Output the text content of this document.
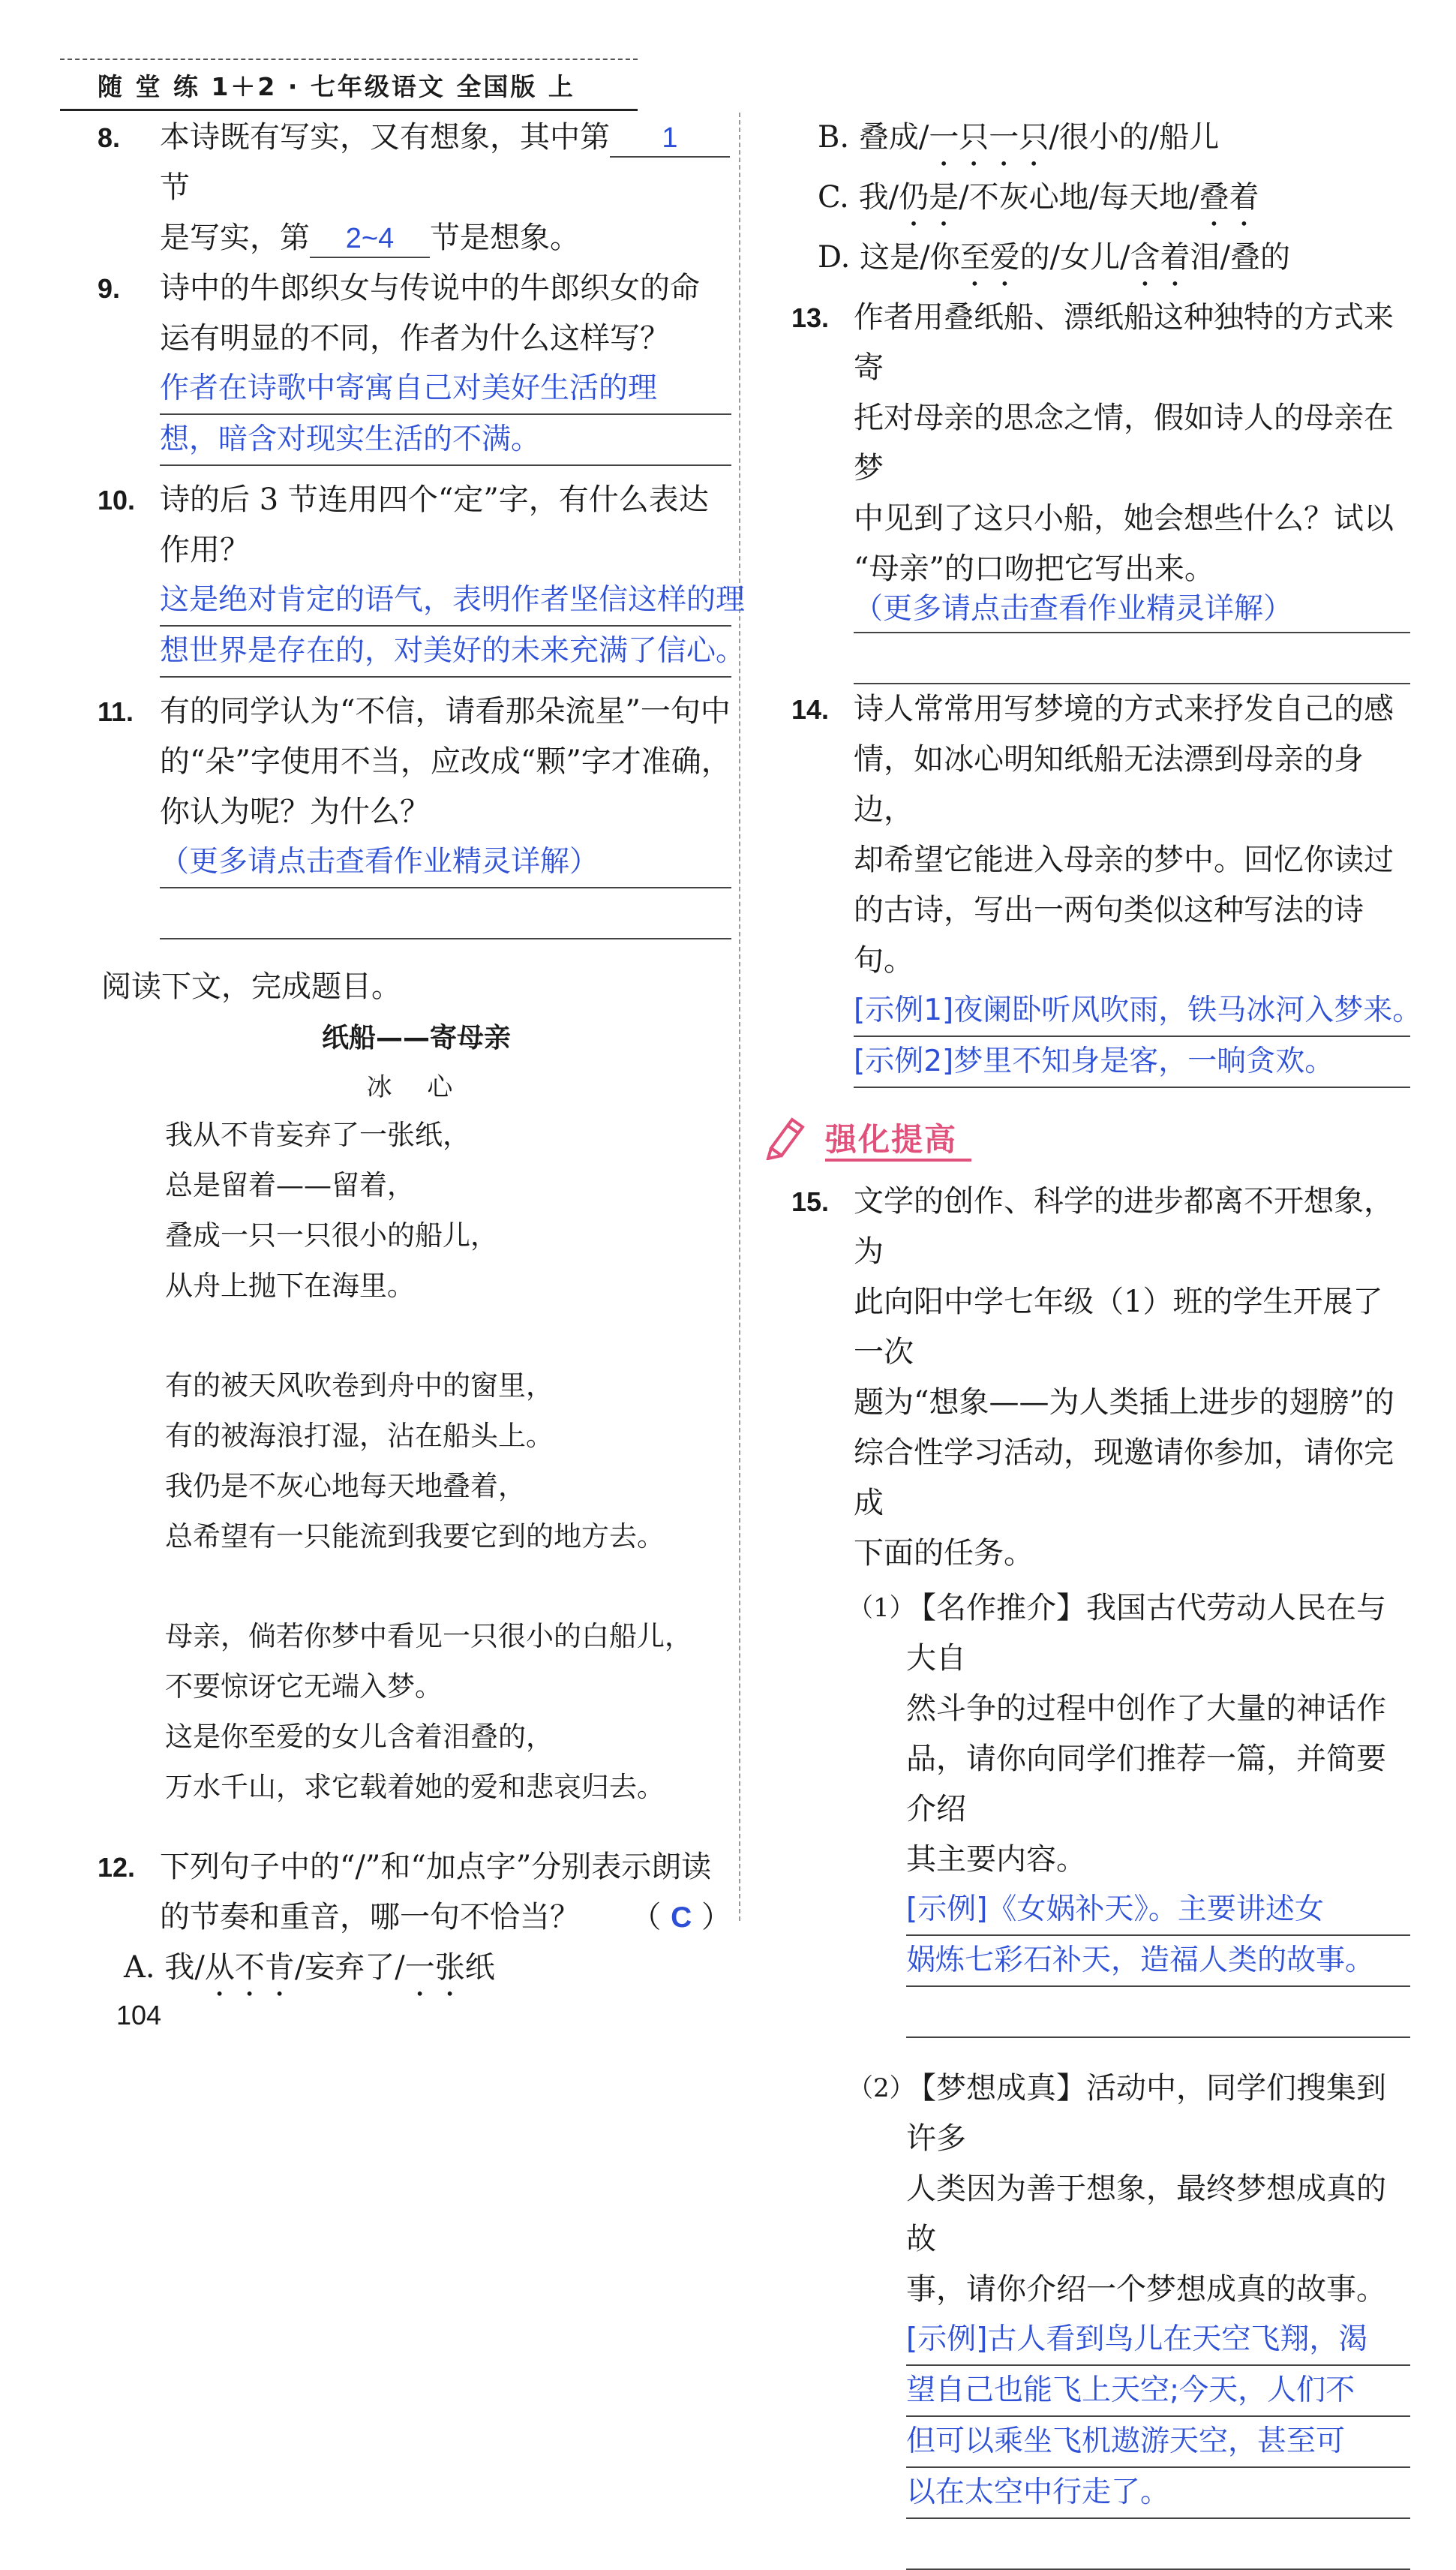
随 堂 练 1＋2 · 七年级语文 全国版 上
8. 本诗既有写实，又有想象，其中第 1节
是写实，第 2~4 节是想象。
9. 诗中的牛郎织女与传说中的牛郎织女的命
运有明显的不同，作者为什么这样写？
作者在诗歌中寄寓自己对美好生活的理
想，暗含对现实生活的不满。
10. 诗的后 3 节连用四个“定”字，有什么表达
作用？
这是绝对肯定的语气，表明作者坚信这样的理
想世界是存在的，对美好的未来充满了信心。
11. 有的同学认为“不信，请看那朵流星”一句中
的“朵”字使用不当，应改成“颗”字才准确，
你认为呢？为什么？
（更多请点击查看作业精灵详解）
阅读下文，完成题目。
纸船——寄母亲
冰 心
我从不肯妄弃了一张纸，
总是留着——留着，
叠成一只一只很小的船儿，
从舟上抛下在海里。
有的被天风吹卷到舟中的窗里，
有的被海浪打湿，沾在船头上。
我仍是不灰心地每天地叠着，
总希望有一只能流到我要它到的地方去。
母亲，倘若你梦中看见一只很小的白船儿，
不要惊讶它无端入梦。
这是你至爱的女儿含着泪叠的，
万水千山，求它载着她的爱和悲哀归去。
12. 下列句子中的“/”和“加点字”分别表示朗读
的节奏和重音，哪一句不恰当？ （ C ）
A. 我/从不肯/妄弃了/一张纸
B. 叠成/一只一只/很小的/船儿
C. 我/仍是/不灰心地/每天地/叠着
D. 这是/你至爱的/女儿/含着泪/叠的
13. 作者用叠纸船、漂纸船这种独特的方式来寄
托对母亲的思念之情，假如诗人的母亲在梦
中见到了这只小船，她会想些什么？试以
“母亲”的口吻把它写出来。
（更多请点击查看作业精灵详解）
14. 诗人常常用写梦境的方式来抒发自己的感
情，如冰心明知纸船无法漂到母亲的身边，
却希望它能进入母亲的梦中。回忆你读过
的古诗，写出一两句类似这种写法的诗句。
[示例1]夜阑卧听风吹雨，铁马冰河入梦来。
[示例2]梦里不知身是客，一晌贪欢。
强化提高
15. 文学的创作、科学的进步都离不开想象，为
此向阳中学七年级（1）班的学生开展了一次
题为“想象——为人类插上进步的翅膀”的
综合性学习活动，现邀请你参加，请你完成
下面的任务。
（1）
【名作推介】我国古代劳动人民在与大自
然斗争的过程中创作了大量的神话作
品，请你向同学们推荐一篇，并简要介绍
其主要内容。
[示例]《女娲补天》。主要讲述女
娲炼七彩石补天，造福人类的故事。
（2）
【梦想成真】活动中，同学们搜集到许多
人类因为善于想象，最终梦想成真的故
事，请你介绍一个梦想成真的故事。
[示例]古人看到鸟儿在天空飞翔，渴
望自己也能飞上天空;今天，人们不
但可以乘坐飞机遨游天空，甚至可
以在太空中行走了。
104
